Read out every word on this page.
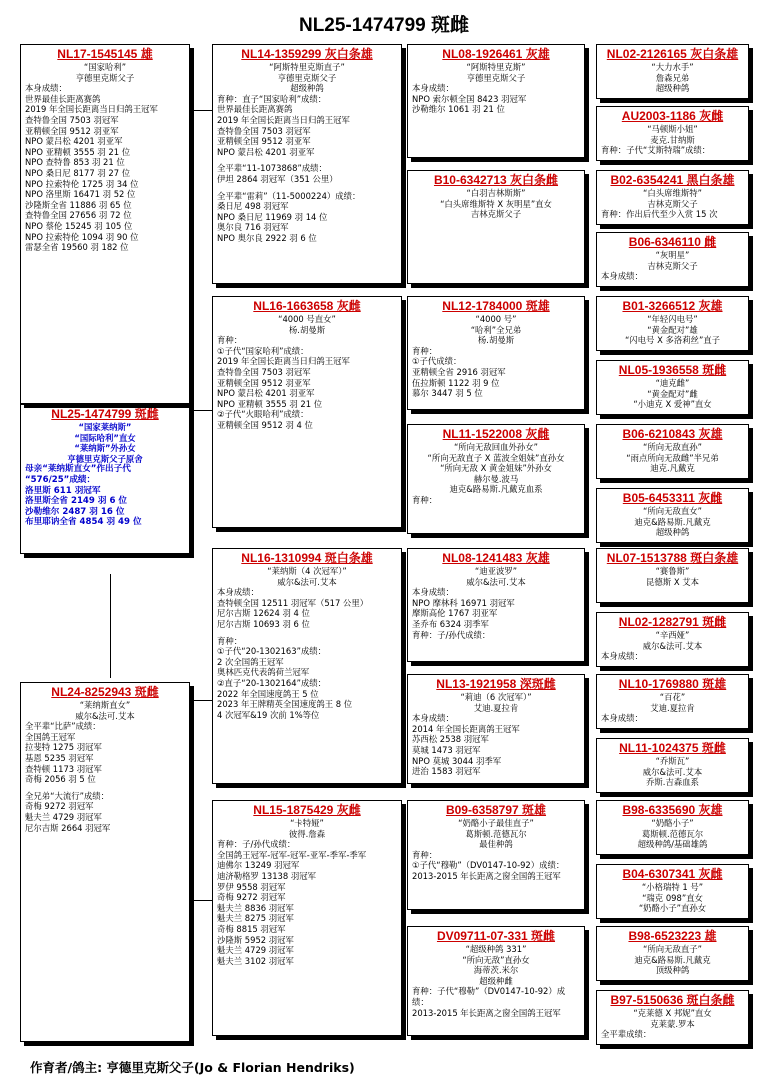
NL25-1474799 斑雌
NL25-1474799 斑雌
“国家莱纳斯”
“国际哈利”直女
“莱纳斯”外孙女
亨德里克斯父子原舍
母亲“莱纳斯直女”作出子代
“576/25”成绩：
洛里斯 611 羽冠军
洛里斯全省 2149 羽 6 位
沙勒维尔 2487 羽 16 位
布里耶讷全省 4854 羽 49 位
NL17-1545145 雄
“国家哈利”
亨德里克斯父子
本身成绩：
世界最佳长距离赛鸽
2019 年全国长距离当日归鸽王冠军
查特鲁全国 7503 羽冠军
亚精顿全国 9512 羽亚军
NPO 蒙吕松 4201 羽亚军
NPO 亚精顿 3555 羽 21 位
NPO 查特鲁 853 羽 21 位
NPO 桑日尼 8177 羽 27 位
NPO 拉索特伦 1725 羽 34 位
NPO 洛里斯 16471 羽 52 位
沙隆斯全省 11886 羽 65 位
查特鲁全国 27656 羽 72 位
NPO 蔡伦 15245 羽 105 位
NPO 拉索特伦 1094 羽 90 位
雷瑟全省 19560 羽 182 位
NL24-8252943 斑雌
“莱纳斯直女”
威尔&法可.艾本
全平辈“比萨”成绩：
全国鸽王冠军
拉斐特 1275 羽冠军
基恩 5235 羽冠军
查特顿 1173 羽冠军
奇梅 2056 羽 5 位
全兄弟“大流行”成绩：
奇梅 9272 羽冠军
魁夫兰 4729 羽冠军
尼尔吉斯 2664 羽冠军
NL14-1359299 灰白条雄
“阿斯特里克斯直子”
亨德里克斯父子
超级种鸽
育种：直子“国家哈利”成绩：
世界最佳长距离赛鸽
2019 年全国长距离当日归鸽王冠军
查特鲁全国 7503 羽冠军
亚精顿全国 9512 羽亚军
NPO 蒙吕松 4201 羽亚军
全平辈“11-1073868”成绩：
伊坦 2864 羽冠军（351 公里）
全平辈“雷莉”（11-5000224）成绩：
桑日尼 498 羽冠军
NPO 桑日尼 11969 羽 14 位
奥尔良 716 羽冠军
NPO 奥尔良 2922 羽 6 位
NL16-1663658 灰雌
“4000 号直女”
杨.胡曼斯
育种：
①子代“国家哈利”成绩：
2019 年全国长距离当日归鸽王冠军
查特鲁全国 7503 羽冠军
亚精顿全国 9512 羽亚军
NPO 蒙吕松 4201 羽亚军
NPO 亚精顿 3555 羽 21 位
②子代“火眼哈利”成绩：
亚精顿全国 9512 羽 4 位
NL16-1310994 斑白条雄
“莱纳斯（4 次冠军）”
威尔&法可.艾本
本身成绩：
查特顿全国 12511 羽冠军（517 公里）
尼尔吉斯 12624 羽 4 位
尼尔吉斯 10693 羽 6 位
育种：
①子代“20-1302163”成绩：
2 次全国鸽王冠军
奥林匹克代表鸽荷兰冠军
②直子“20-1302164”成绩：
2022 年全国速度鸽王 5 位
2023 年王牌精英全国速度鸽王 8 位
4 次冠军&19 次前 1%等位
NL15-1875429 灰雌
“卡特娅”
彼得.詹森
育种：子/孙代成绩：
全国鸽王冠军-冠军-冠军-亚军-季军-季军
迪佛尔 13249 羽冠军
迪济勒格罗 13138 羽冠军
罗伊 9558 羽冠军
奇梅 9272 羽冠军
魁夫兰 8836 羽冠军
魁夫兰 8275 羽冠军
奇梅 8815 羽冠军
沙隆斯 5952 羽冠军
魁夫兰 4729 羽冠军
魁夫兰 3102 羽冠军
NL08-1926461 灰雄
“阿斯特里克斯”
亨德里克斯父子
本身成绩：
NPO 索尔顿全国 8423 羽冠军
沙勒维尔 1061 羽 21 位
B10-6342713 灰白条雌
“白羽吉林斯斯”
“白头席维斯特 X 灰明星”直女
吉林克斯父子
NL12-1784000 斑雄
“4000 号”
“哈利”全兄弟
杨.胡曼斯
育种：
①子代成绩：
亚精顿全省 2916 羽冠军
伍拉斯顿 1122 羽 9 位
慕尔 3447 羽 5 位
NL11-1522008 灰雌
“所向无敌回血外孙女”
“所向无敌直子 X 蓝波全姐妹”直孙女
“所向无敌 X 黄金姐妹”外孙女
赫尔曼.波马
迪克&路易斯.凡戴克血系
育种：
NL08-1241483 灰雄
“迪亚波罗”
威尔&法可.艾本
本身成绩：
NPO 摩林科 16971 羽冠军
摩斯高伦 1767 羽亚军
圣乔布 6324 羽季军
育种：子/孙代成绩：
NL13-1921958 深斑雌
“莉迪（6 次冠军）”
艾迪.夏拉肯
本身成绩：
2014 年全国长距离鸽王冠军
苏西松 2538 羽冠军
莫城 1473 羽冠军
NPO 莫城 3044 羽季军
进治 1583 羽冠军
B09-6358797 斑雄
“奶酪小子最佳直子”
葛斯顿.范德瓦尔
最佳种鸽
育种：
①子代“穆勒”（DV0147-10-92）成绩：
2013-2015 年长距离之窗全国鸽王冠军
DV09711-07-331 斑雌
“超级种鸽 331”
“所向无敌”直孙女
海蒂茨.米尔
超级种雌
育种：子代“穆勒”（DV0147-10-92）成绩：
2013-2015 年长距离之窗全国鸽王冠军
NL02-2126165 灰白条雄
“大力水手”
詹森兄弟
超级种鸽
AU2003-1186 灰雌
“马顿斯小姐”
麦克.甘纳斯
育种：子代“艾斯特瑞”成绩：
B02-6354241 黑白条雄
“白头席维斯特”
吉林克斯父子
育种：作出后代至少入赏 15 次
B06-6346110 雌
“灰明星”
吉林克斯父子
本身成绩：
B01-3266512 灰雄
“年轻闪电号”
“黄金配对”雄
“闪电号 X 多洛莉丝”直子
NL05-1936558 斑雌
“迪克雌”
“黄金配对”雌
“小迪克 X 爱神”直女
B06-6210843 灰雄
“所向无敌直孙”
“雨点所向无敌雌”半兄弟
迪克.凡戴克
B05-6453311 灰雌
“所向无敌直女”
迪克&路易斯.凡戴克
超级种鸽
NL07-1513788 斑白条雄
“赛鲁斯”
昆德斯 X 艾本
NL02-1282791 斑雌
“辛西娅”
威尔&法可.艾本
本身成绩：
NL10-1769880 斑雄
“百花”
艾迪.夏拉肯
本身成绩：
NL11-1024375 斑雌
“乔斯瓦”
威尔&法可.艾本
乔斯.吉森血系
B98-6335690 灰雄
“奶酪小子”
葛斯顿.范德瓦尔
超级种鸽/基础雄鸽
B04-6307341 灰雌
“小格瑞特 1 号”
“瑞克 098”直女
“奶酪小子”直孙女
B98-6523223 雄
“所向无敌直子”
迪克&路易斯.凡戴克
顶级种鸽
B97-5150636 斑白条雌
“克莱德 X 邦妮”直女
克莱蒙.罗本
全平辈成绩：
作育者/鸽主: 亨德里克斯父子(Jo & Florian Hendriks)
